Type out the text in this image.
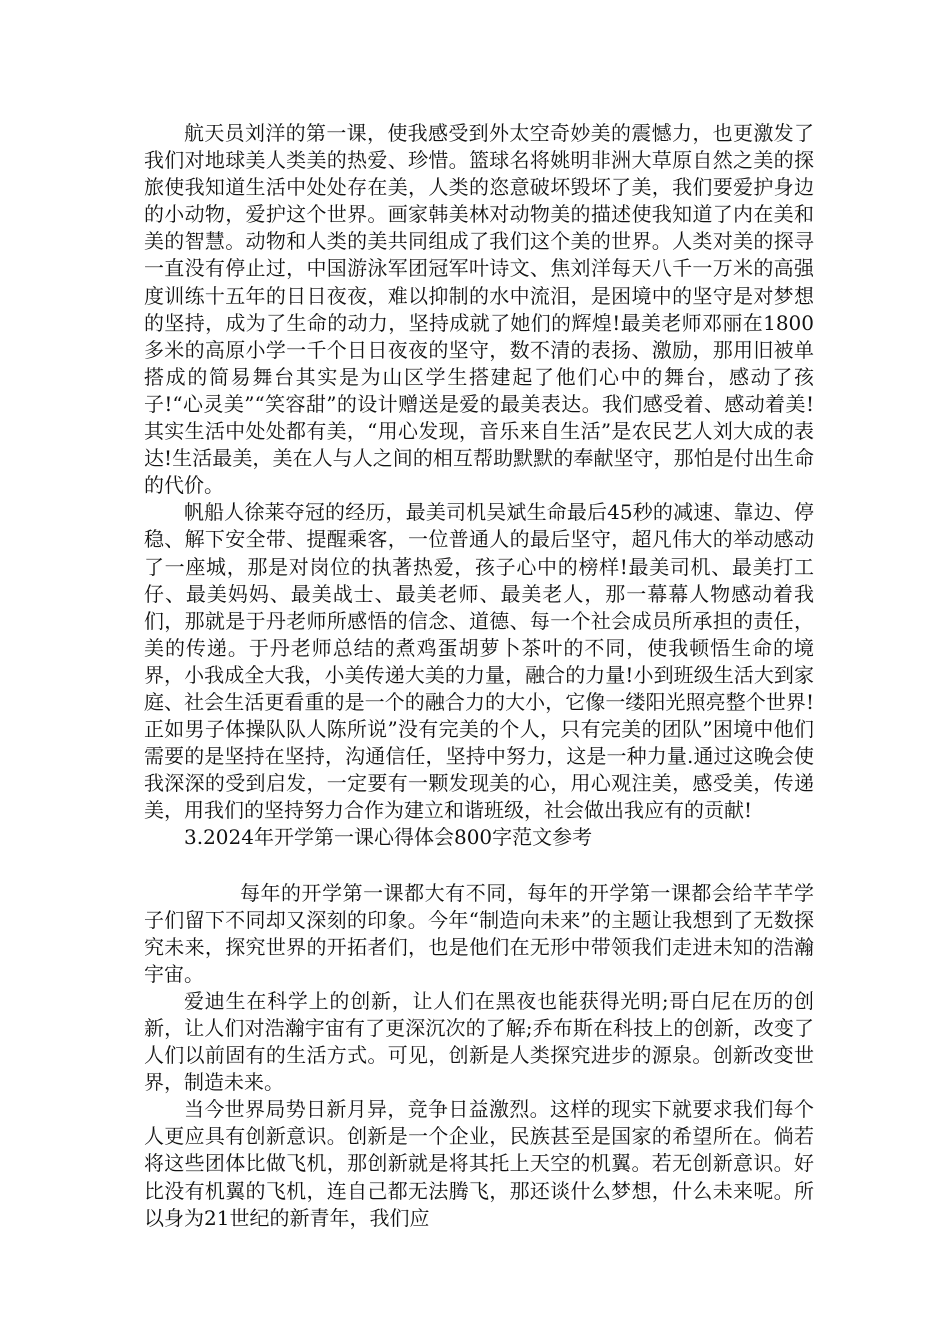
航天员刘洋的第一课，使我感受到外太空奇妙美的震憾力，也更激发了我们对地球美人类美的热爱、珍惜。篮球名将姚明非洲大草原自然之美的探旅使我知道生活中处处存在美，人类的恣意破坏毁坏了美，我们要爱护身边的小动物，爱护这个世界。画家韩美林对动物美的描述使我知道了内在美和美的智慧。动物和人类的美共同组成了我们这个美的世界。人类对美的探寻一直没有停止过，中国游泳军团冠军叶诗文、焦刘洋每天八千一万米的高强度训练十五年的日日夜夜，难以抑制的水中流泪，是困境中的坚守是对梦想的坚持，成为了生命的动力，坚持成就了她们的辉煌!最美老师邓丽在1800多米的高原小学一千个日日夜夜的坚守，数不清的表扬、激励，那用旧被单搭成的简易舞台其实是为山区学生搭建起了他们心中的舞台，感动了孩子!“心灵美”“笑容甜”的设计赠送是爱的最美表达。我们感受着、感动着美!其实生活中处处都有美，“用心发现，音乐来自生活”是农民艺人刘大成的表达!生活最美，美在人与人之间的相互帮助默默的奉献坚守，那怕是付出生命的代价。

帆船人徐莱夺冠的经历，最美司机吴斌生命最后45秒的减速、靠边、停稳、解下安全带、提醒乘客，一位普通人的最后坚守，超凡伟大的举动感动了一座城，那是对岗位的执著热爱，孩子心中的榜样!最美司机、最美打工仔、最美妈妈、最美战士、最美老师、最美老人，那一幕幕人物感动着我们，那就是于丹老师所感悟的信念、道德、每一个社会成员所承担的责任，美的传递。于丹老师总结的煮鸡蛋胡萝卜茶叶的不同，使我顿悟生命的境界，小我成全大我，小美传递大美的力量，融合的力量!小到班级生活大到家庭、社会生活更看重的是一个的融合力的大小，它像一缕阳光照亮整个世界!正如男子体操队队人陈所说”没有完美的个人，只有完美的团队”困境中他们需要的是坚持在坚持，沟通信任，坚持中努力，这是一种力量.通过这晚会使我深深的受到启发，一定要有一颗发现美的心，用心观注美，感受美，传递美，用我们的坚持努力合作为建立和谐班级，社会做出我应有的贡献!

3.2024年开学第一课心得体会800字范文参考

每年的开学第一课都大有不同，每年的开学第一课都会给芊芊学子们留下不同却又深刻的印象。今年“制造向未来”的主题让我想到了无数探究未来，探究世界的开拓者们，也是他们在无形中带领我们走进未知的浩瀚宇宙。

爱迪生在科学上的创新，让人们在黑夜也能获得光明;哥白尼在历的创新，让人们对浩瀚宇宙有了更深沉次的了解;乔布斯在科技上的创新，改变了人们以前固有的生活方式。可见，创新是人类探究进步的源泉。创新改变世界，制造未来。

当今世界局势日新月异，竞争日益激烈。这样的现实下就要求我们每个人更应具有创新意识。创新是一个企业，民族甚至是国家的希望所在。倘若将这些团体比做飞机，那创新就是将其托上天空的机翼。若无创新意识。好比没有机翼的飞机，连自己都无法腾飞，那还谈什么梦想，什么未来呢。所以身为21世纪的新青年，我们应
